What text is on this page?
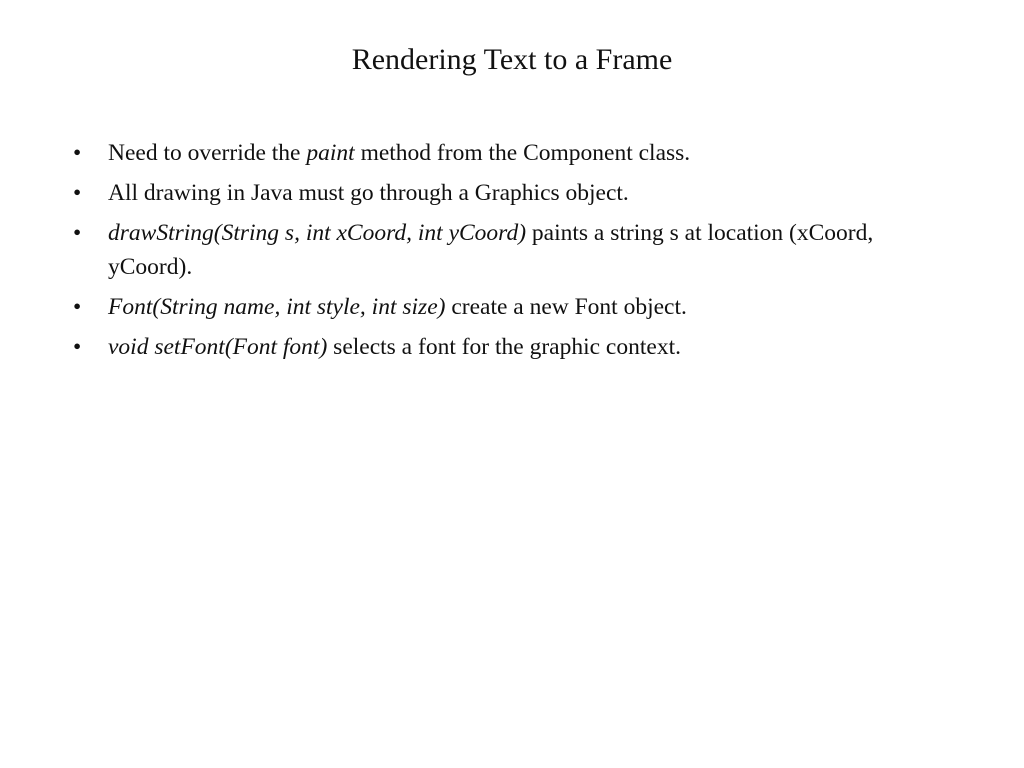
Rendering Text to a Frame
•	Need to override the paint method from the Component class.
•	All drawing in Java must go through a Graphics object.
•	drawString(String s, int xCoord, int yCoord) paints a string s at location (xCoord, yCoord).
•	Font(String name, int style, int size) create a new Font object.
•	void setFont(Font font) selects a font for the graphic context.
